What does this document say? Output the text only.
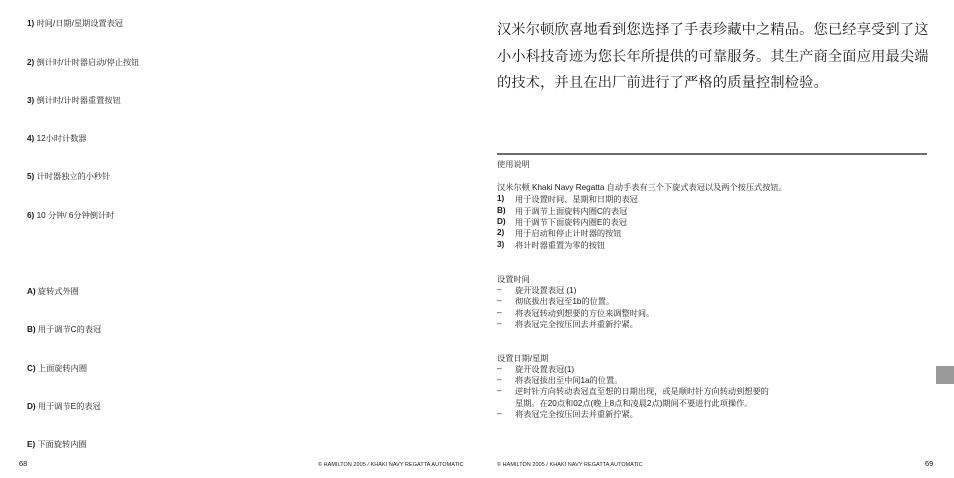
1) 时间/日期/星期设置表冠
2) 倒计时/计时器启动/停止按钮
3) 倒计时/计时器重置按钮
4) 12小时计数器
5) 计时器独立的小秒针
6) 10 分钟/ 6分钟倒计时
A) 旋转式外圈
B) 用于调节C的表冠
C) 上面旋转内圈
D) 用于调节E的表冠
E) 下面旋转内圈
68	© HAMILTON 2005 / KHAKI NAVY REGATTA AUTOMATIC
汉米尔顿欣喜地看到您选择了手表珍藏中之精品。您已经享受到了这
小小科技奇迹为您长年所提供的可靠服务。其生产商全面应用最尖端
的技术，并且在出厂前进行了严格的质量控制检验。
使用说明
汉米尔顿 Khaki Navy Regatta 自动手表有三个下旋式表冠以及两个按压式按钮。
1) 用于设置时间、星期和日期的表冠
B) 用于调节上面旋转内圈C的表冠
D) 用于调节下面旋转内圈E的表冠
2) 用于启动和停止计时器的按钮
3) 将计时器重置为零的按钮
设置时间
– 旋开设置表冠 (1)
– 彻底拔出表冠至1b的位置。
– 将表冠转动到想要的方位来调整时间。
– 将表冠完全按压回去并重新拧紧。
设置日期/星期
– 旋开设置表冠(1)
– 将表冠拔出至中间1a的位置。
– 逆时针方向转动表冠直至想的日期出现，或是顺时针方向转动到想要的
星期。在20点和02点(晚上8点和凌晨2点)期间不要进行此项操作。
– 将表冠完全按压回去并重新拧紧。
© HAMILTON 2005 / KHAKI NAVY REGATTA AUTOMATIC	69
